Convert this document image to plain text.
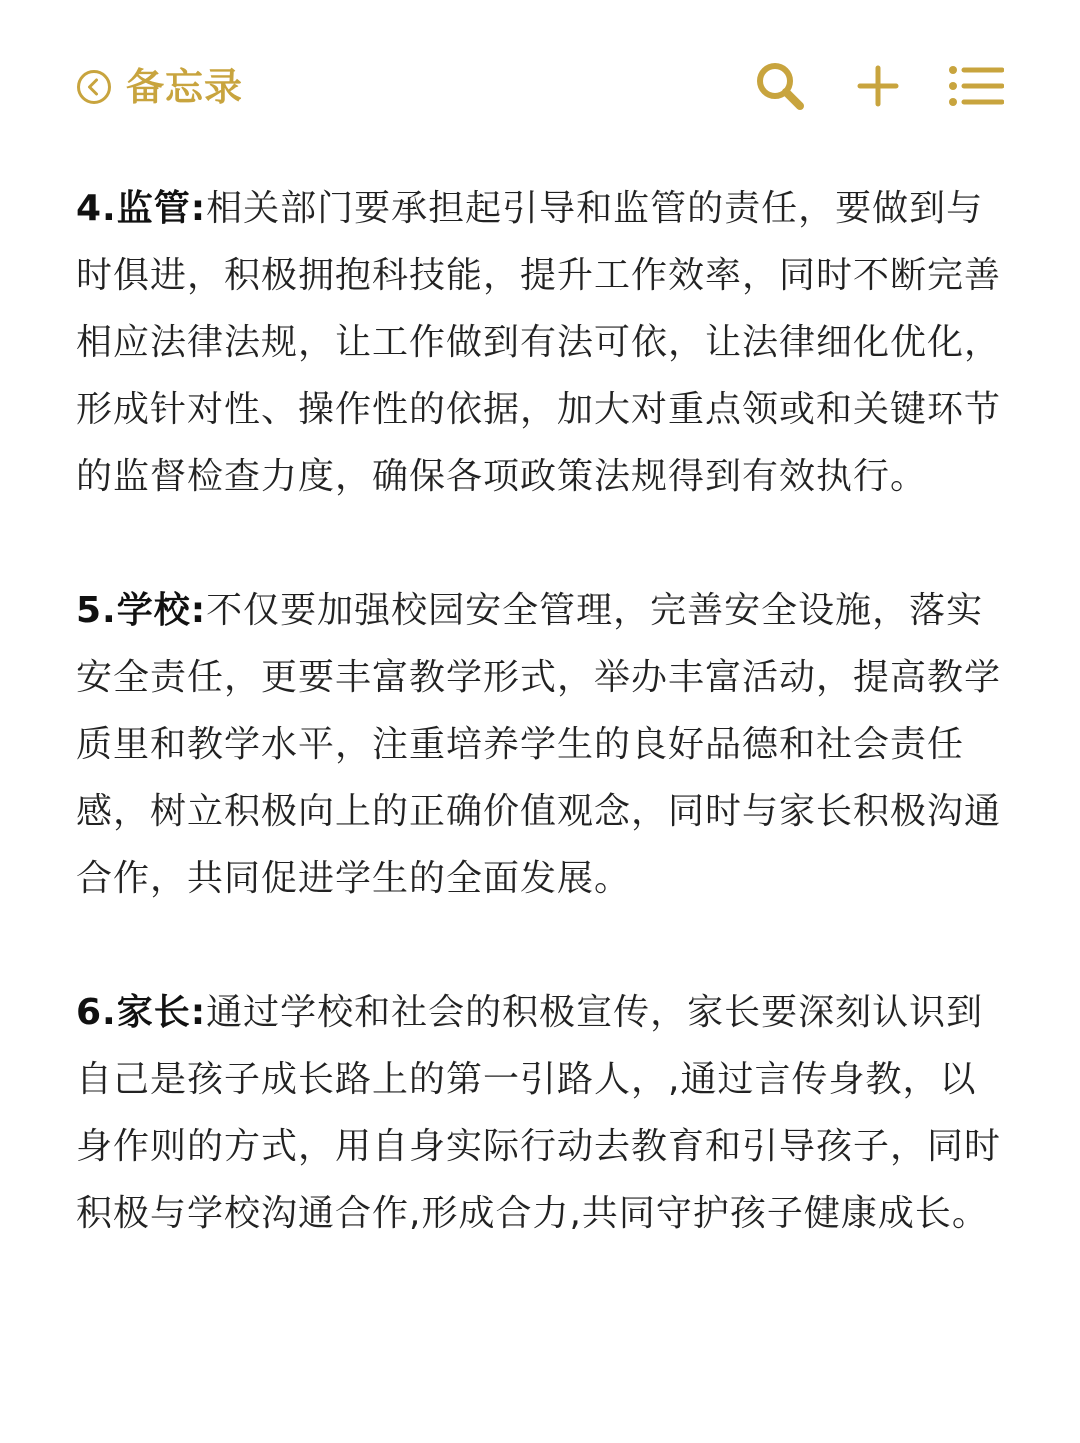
备忘录

4.监管:相关部门要承担起引导和监管的责任，要做到与时俱进，积极拥抱科技能，提升工作效率，同时不断完善相应法律法规，让工作做到有法可依，让法律细化优化，形成针对性、操作性的依据，加大对重点领或和关键环节的监督检查力度，确保各项政策法规得到有效执行。

5.学校:不仅要加强校园安全管理，完善安全设施，落实安全责任，更要丰富教学形式，举办丰富活动，提高教学质里和教学水平，注重培养学生的良好品德和社会责任感，树立积极向上的正确价值观念，同时与家长积极沟通合作，共同促进学生的全面发展。

6.家长:通过学校和社会的积极宣传，家长要深刻认识到自己是孩子成长路上的第一引路人，,通过言传身教，以身作则的方式，用自身实际行动去教育和引导孩子，同时积极与学校沟通合作,形成合力,共同守护孩子健康成长。
